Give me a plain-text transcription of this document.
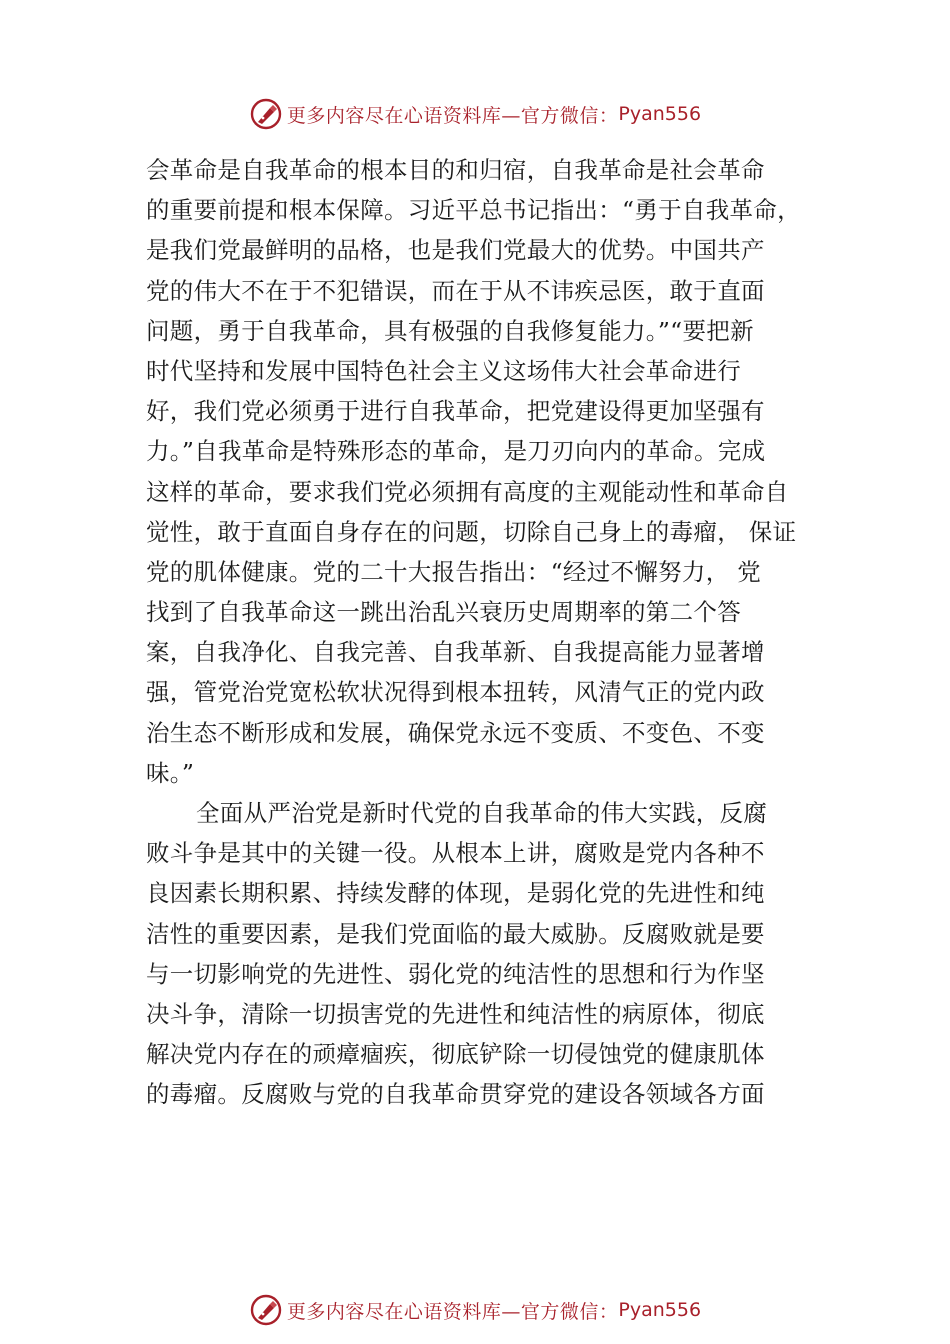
更多内容尽在心语资料库—官方微信： Pyan556
会革命是自我革命的根本目的和归宿，自我革命是社会革命
的重要前提和根本保障。习近平总书记指出：“勇于自我革命，
是我们党最鲜明的品格，也是我们党最大的优势。中国共产
党的伟大不在于不犯错误，而在于从不讳疾忌医，敢于直面
问题，勇于自我革命，具有极强的自我修复能力。”“要把新
时代坚持和发展中国特色社会主义这场伟大社会革命进行
好，我们党必须勇于进行自我革命，把党建设得更加坚强有
力。”自我革命是特殊形态的革命，是刀刃向内的革命。完成
这样的革命，要求我们党必须拥有高度的主观能动性和革命自
觉性，敢于直面自身存在的问题，切除自己身上的毒瘤， 保证
党的肌体健康。党的二十大报告指出：“经过不懈努力， 党
找到了自我革命这一跳出治乱兴衰历史周期率的第二个答
案，自我净化、自我完善、自我革新、自我提高能力显著增
强，管党治党宽松软状况得到根本扭转，风清气正的党内政
治生态不断形成和发展，确保党永远不变质、不变色、不变
味。”
全面从严治党是新时代党的自我革命的伟大实践，反腐
败斗争是其中的关键一役。从根本上讲，腐败是党内各种不
良因素长期积累、持续发酵的体现，是弱化党的先进性和纯
洁性的重要因素，是我们党面临的最大威胁。反腐败就是要
与一切影响党的先进性、弱化党的纯洁性的思想和行为作坚
决斗争，清除一切损害党的先进性和纯洁性的病原体，彻底
解决党内存在的顽瘴痼疾，彻底铲除一切侵蚀党的健康肌体
的毒瘤。反腐败与党的自我革命贯穿党的建设各领域各方面
更多内容尽在心语资料库—官方微信： Pyan556
